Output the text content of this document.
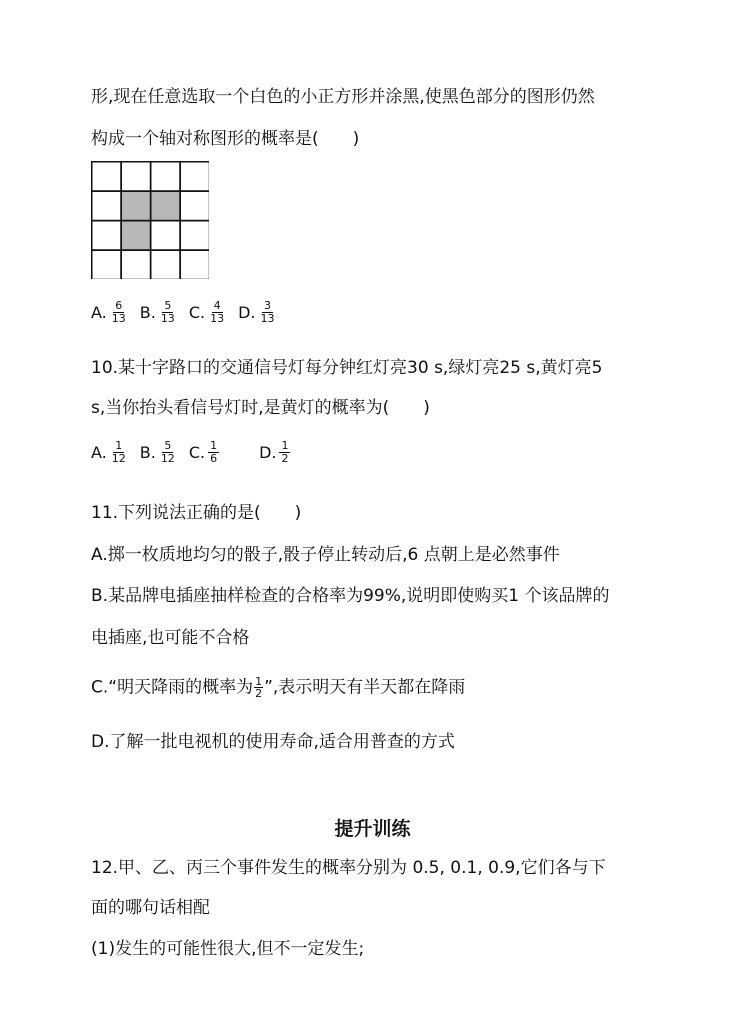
形,现在任意选取一个白色的小正方形并涂黑,使黑色部分的图形仍然
构成一个轴对称图形的概率是(　　)
A. $\frac{6}{13} B$. $\frac{5}{13} C$. $\frac{4}{13} D$. $\frac{3}{13}$
10.某十字路口的交通信号灯每分钟红灯亮30 s,绿灯亮25 s,黄灯亮5
s,当你抬头看信号灯时,是黄灯的概率为(　　)
A. $\frac{1}{12} B$. $\frac{5}{12} C$. $\frac{1}{6}$	D. $\frac{1}{2}$
11.下列说法正确的是(　　)
A.掷一枚质地均匀的骰子,骰子停止转动后,6 点朝上是必然事件
B.某品牌电插座抽样检查的合格率为99%,说明即使购买1 个该品牌的
电插座,也可能不合格
C.“明天降雨的概率为 $\frac{1}{2}$ ”,表示明天有半天都在降雨
D.了解一批电视机的使用寿命,适合用普查的方式
提升训练
12.甲、乙、丙三个事件发生的概率分别为 0.5, 0.1, 0.9,它们各与下
面的哪句话相配
(1)发生的可能性很大,但不一定发生;
